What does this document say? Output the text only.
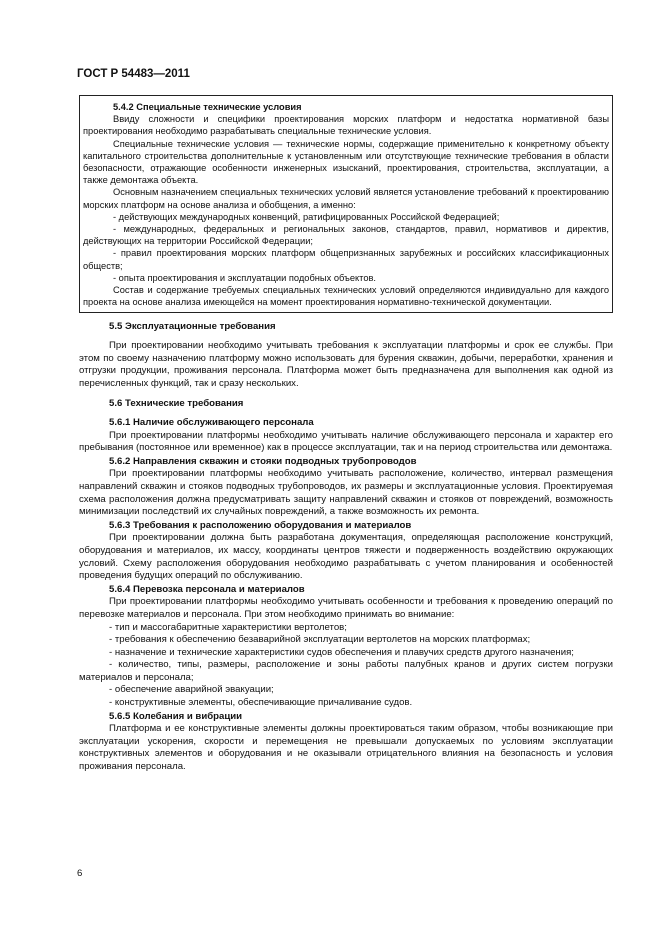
ГОСТ Р 54483—2011

5.4.2 Специальные технические условия

Ввиду сложности и специфики проектирования морских платформ и недостатка нормативной базы проектирования необходимо разрабатывать специальные технические условия.

Специальные технические условия — технические нормы, содержащие применительно к конкретному объекту капитального строительства дополнительные к установленным или отсутствующие технические требования в области безопасности, отражающие особенности инженерных изысканий, проектирования, строительства, эксплуатации, а также демонтажа объекта.

Основным назначением специальных технических условий является установление требований к проектированию морских платформ на основе анализа и обобщения, а именно:

- действующих международных конвенций, ратифицированных Российской Федерацией;

- международных, федеральных и региональных законов, стандартов, правил, нормативов и директив, действующих на территории Российской Федерации;

- правил проектирования морских платформ общепризнанных зарубежных и российских классификационных обществ;

- опыта проектирования и эксплуатации подобных объектов.

Состав и содержание требуемых специальных технических условий определяются индивидуально для каждого проекта на основе анализа имеющейся на момент проектирования нормативно-технической документации.

5.5 Эксплуатационные требования

При проектировании необходимо учитывать требования к эксплуатации платформы и срок ее службы. При этом по своему назначению платформу можно использовать для бурения скважин, добычи, переработки, хранения и отгрузки продукции, проживания персонала. Платформа может быть предназначена для выполнения как одной из перечисленных функций, так и сразу нескольких.

5.6 Технические требования

5.6.1 Наличие обслуживающего персонала

При проектировании платформы необходимо учитывать наличие обслуживающего персонала и характер его пребывания (постоянное или временное) как в процессе эксплуатации, так и на период строительства или демонтажа.

5.6.2 Направления скважин и стояки подводных трубопроводов

При проектировании платформы необходимо учитывать расположение, количество, интервал размещения направлений скважин и стояков подводных трубопроводов, их размеры и эксплуатационные условия. Проектируемая схема расположения должна предусматривать защиту направлений скважин и стояков от повреждений, возможность минимизации последствий их случайных повреждений, а также возможность их ремонта.

5.6.3 Требования к расположению оборудования и материалов

При проектировании должна быть разработана документация, определяющая расположение конструкций, оборудования и материалов, их массу, координаты центров тяжести и подверженность воздействию окружающих условий. Схему расположения оборудования необходимо разрабатывать с учетом планирования и особенностей проведения будущих операций по обслуживанию.

5.6.4 Перевозка персонала и материалов

При проектировании платформы необходимо учитывать особенности и требования к проведению операций по перевозке материалов и персонала. При этом необходимо принимать во внимание:

- тип и массогабаритные характеристики вертолетов;

- требования к обеспечению безаварийной эксплуатации вертолетов на морских платформах;

- назначение и технические характеристики судов обеспечения и плавучих средств другого назначения;

- количество, типы, размеры, расположение и зоны работы палубных кранов и других систем погрузки материалов и персонала;

- обеспечение аварийной эвакуации;

- конструктивные элементы, обеспечивающие причаливание судов.

5.6.5 Колебания и вибрации

Платформа и ее конструктивные элементы должны проектироваться таким образом, чтобы возникающие при эксплуатации ускорения, скорости и перемещения не превышали допускаемых по условиям эксплуатации конструктивных элементов и оборудования и не оказывали отрицательного влияния на безопасность и условия проживания персонала.

6
